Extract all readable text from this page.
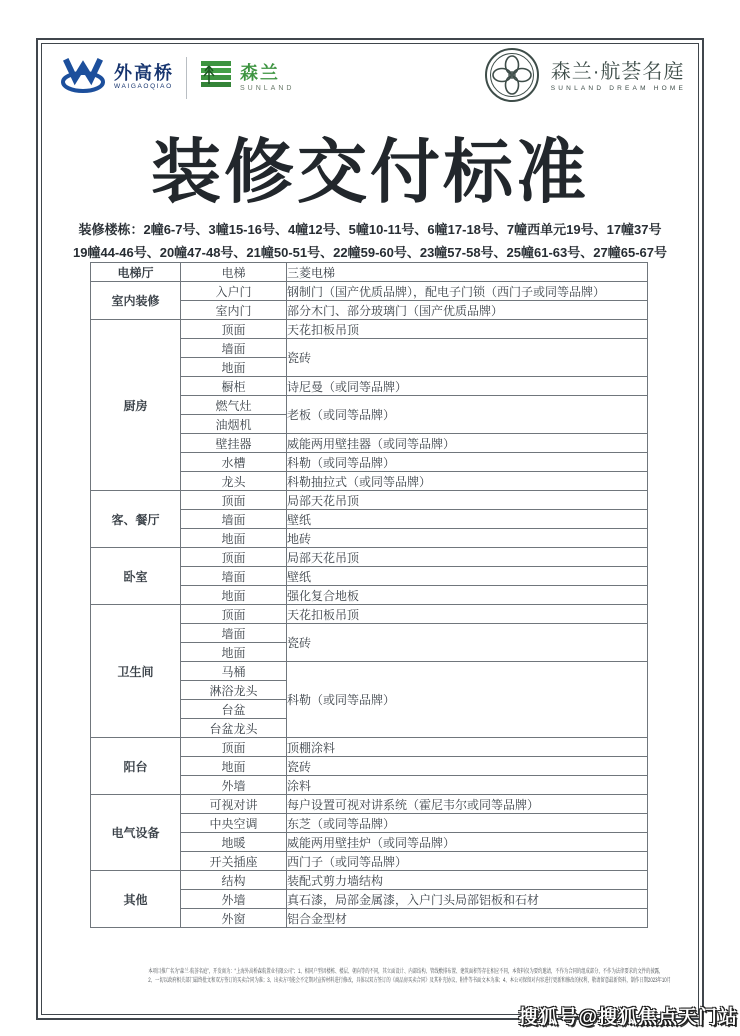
外高桥
WAIGAOQIAO
森兰
SUNLAND
森兰·航荟名庭
SUNLAND DREAM HOME
装修交付标准
装修楼栋：2幢6-7号、3幢15-16号、4幢12号、5幢10-11号、6幢17-18号、7幢西单元19号、17幢37号
19幢44-46号、20幢47-48号、21幢50-51号、22幢59-60号、23幢57-58号、25幢61-63号、27幢65-67号
电梯厅	电梯	三菱电梯
室内装修	入户门	钢制门（国产优质品牌），配电子门锁（西门子或同等品牌）
	室内门	部分木门、部分玻璃门（国产优质品牌）
厨房	顶面	天花扣板吊顶
	墙面	瓷砖
	地面	
	橱柜	诗尼曼（或同等品牌）
	燃气灶	老板（或同等品牌）
	油烟机	
	壁挂器	威能两用壁挂器（或同等品牌）
	水槽	科勒（或同等品牌）
	龙头	科勒抽拉式（或同等品牌）
客、餐厅	顶面	局部天花吊顶
	墙面	壁纸
	地面	地砖
卧室	顶面	局部天花吊顶
	墙面	壁纸
	地面	强化复合地板
卫生间	顶面	天花扣板吊顶
	墙面	瓷砖
	地面	
	马桶	科勒（或同等品牌）
	淋浴龙头	
	台盆	
	台盆龙头	
阳台	顶面	顶棚涂料
	地面	瓷砖
	外墙	涂料
电气设备	可视对讲	每户设置可视对讲系统（霍尼韦尔或同等品牌）
	中央空调	东芝（或同等品牌）
	地暖	威能两用壁挂炉（或同等品牌）
	开关插座	西门子（或同等品牌）
其他	结构	装配式剪力墙结构
	外墙	真石漆，局部金属漆，入户门头局部铝板和石材
	外窗	铝合金型材
本项目推广名为“森兰·航荟名庭”，开发商为：“上海外高桥森航置业有限公司”；1、相同户型因楼栋、楼层、朝向等的不同，其立面设计、内部结构、管线敷排布置、建筑面积等存在相应不同，本资料仅为要约邀请，不作为合同的组成部分，不作为法律要求的文件的披露，
2、一切以政府相关部门最终批文和双方签订的买卖合同为准；3、出卖方可能会不定期对宣传材料进行修改，具体以双方签订的《商品房买卖合同》及其补充协议、附件等书面文本为准；4、本公司保留对内容进行更新和修改的权利，敬请留意最新资料，制作日期2023年10月
搜狐号@搜狐焦点天门站
